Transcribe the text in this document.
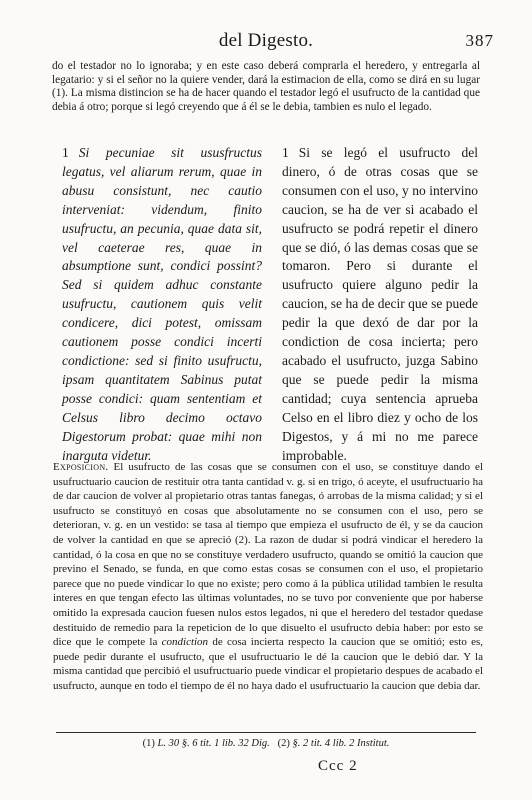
del Digesto.	387
do el testador no lo ignoraba; y en este caso deberá comprarla el heredero, y entregarla al legatario: y si el señor no la quiere vender, dará la estimacion de ella, como se dirá en su lugar (1). La misma distincion se ha de hacer quando el testador legó el usufructo de la cantidad que debia á otro; porque si legó creyendo que á él se le debia, tambien es nulo el legado.
1 Si pecuniae sit ususfructus legatus, vel aliarum rerum, quae in abusu consistunt, nec cautio interveniat: videndum, finito usufructu, an pecunia, quae data sit, vel caeterae res, quae in absumptione sunt, condici possint? Sed si quidem adhuc constante usufructu, cautionem quis velit condicere, dici potest, omissam cautionem posse condici incerti condictione: sed si finito usufructu, ipsam quantitatem Sabinus putat posse condici: quam sententiam et Celsus libro decimo octavo Digestorum probat: quae mihi non inarguta videtur.
1 Si se legó el usufructo del dinero, ó de otras cosas que se consumen con el uso, y no intervino caucion, se ha de ver si acabado el usufructo se podrá repetir el dinero que se dió, ó las demas cosas que se tomaron. Pero si durante el usufructo quiere alguno pedir la caucion, se ha de decir que se puede pedir la que dexó de dar por la condiction de cosa incierta; pero acabado el usufructo, juzga Sabino que se puede pedir la misma cantidad; cuya sentencia aprueba Celso en el libro diez y ocho de los Digestos, y á mi no me parece improbable.
Exposicion. El usufructo de las cosas que se consumen con el uso, se constituye dando el usufructuario caucion de restituir otra tanta cantidad v. g. si en trigo, ó aceyte, el usufructuario ha de dar caucion de volver al propietario otras tantas fanegas, ó arrobas de la misma calidad; y si el usufructo se constituyó en cosas que absolutamente no se consumen con el uso, pero se deterioran, v. g. en un vestido: se tasa al tiempo que empieza el usufructo de él, y se da caucion de volver la cantidad en que se apreció (2). La razon de dudar si podrá vindicar el heredero la cantidad, ó la cosa en que no se constituye verdadero usufructo, quando se omitió la caucion que previno el Senado, se funda, en que como estas cosas se consumen con el uso, el propietario parece que no puede vindicar lo que no existe; pero como á la pública utilidad tambien le resulta interes en que tengan efecto las últimas voluntades, no se tuvo por conveniente que por haberse omitido la expresada caucion fuesen nulos estos legados, ni que el heredero del testador quedase destituido de remedio para la repeticion de lo que disuelto el usufructo debia haber: por esto se dice que le compete la condiction de cosa incierta respecto la caucion que se omitió; esto es, puede pedir durante el usufructo, que el usufructuario le dé la caucion que le debió dar. Y la misma cantidad que percibió el usufructuario puede vindicar el propietario despues de acabado el usufructo, aunque en todo el tiempo de él no haya dado el usufructuario la caucion que debia dar.
(1) L. 30 §. 6 tit. 1 lib. 32 Dig. (2) §. 2 tit. 4 lib. 2 Institut.
Ccc 2
